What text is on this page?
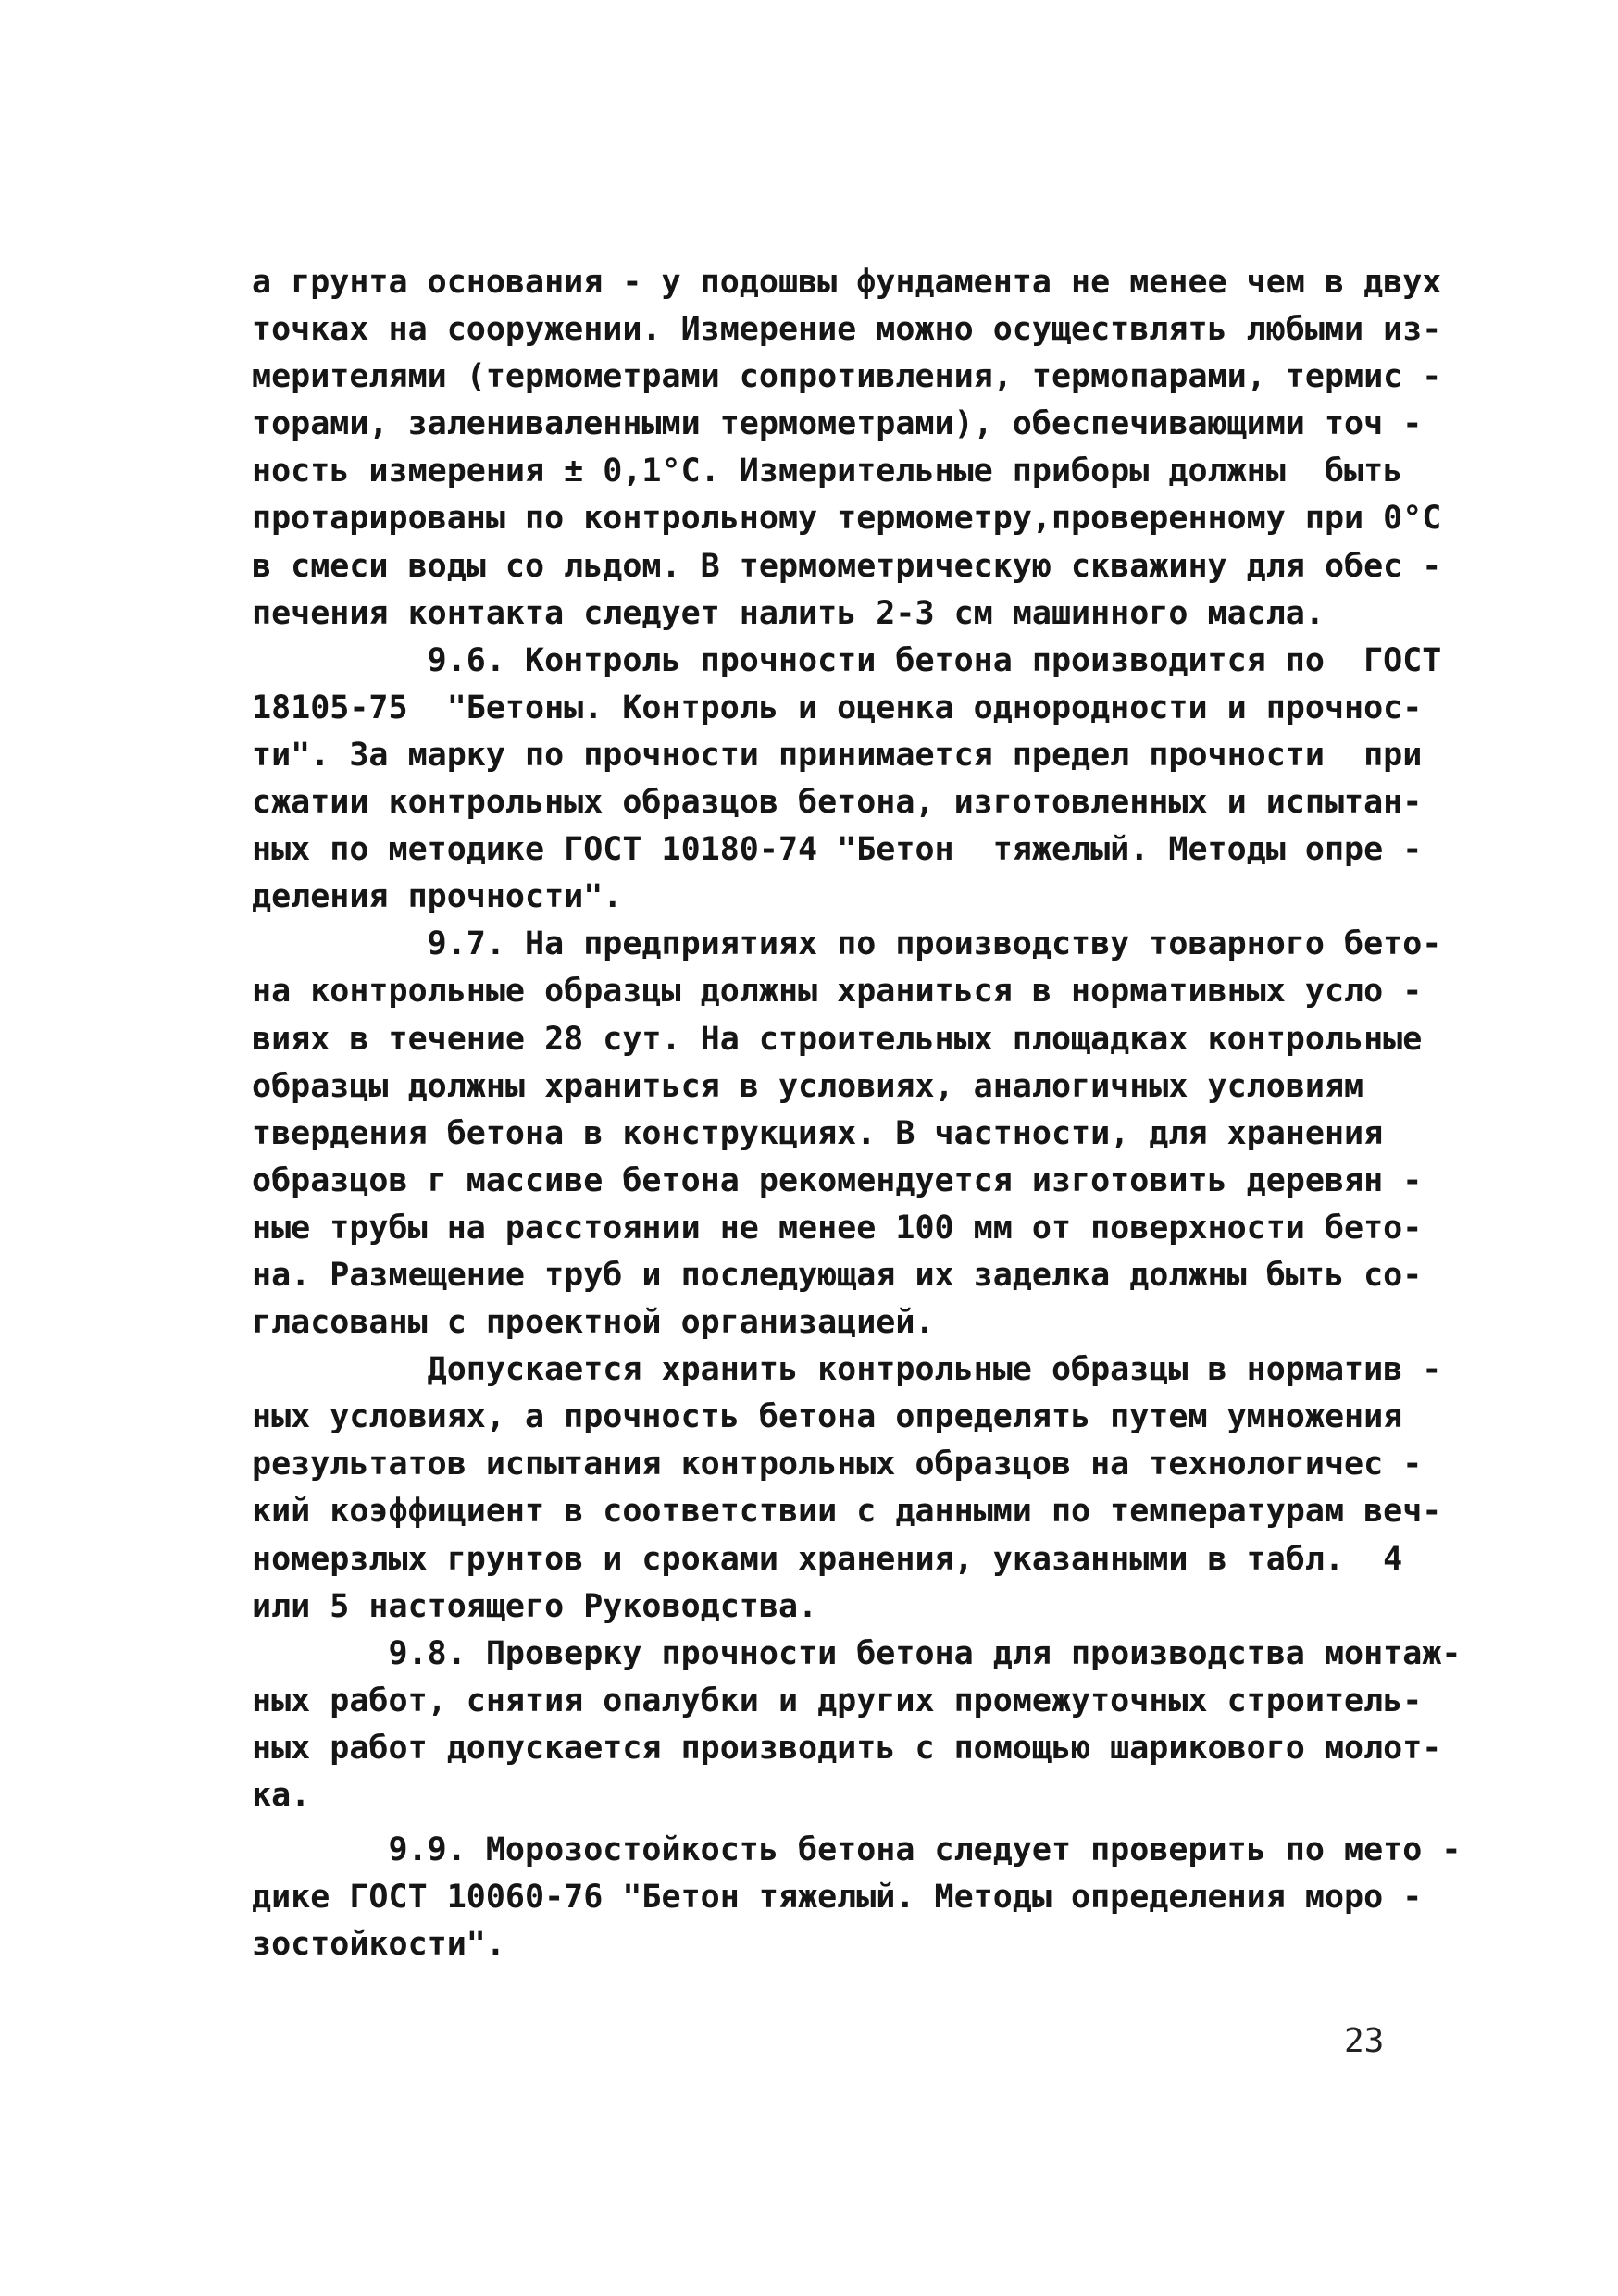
а грунта основания - у подошвы фундамента не менее чем в двух
точках на сооружении. Измерение можно осуществлять любыми из-
мерителями (термометрами сопротивления, термопарами, термис -
торами, залениваленными термометрами), обеспечивающими точ -
ность измерения ± 0,1°С. Измерительные приборы должны  быть
протарированы по контрольному термометру,проверенному при 0°С
в смеси воды со льдом. В термометрическую скважину для обес -
печения контакта следует налить 2-3 см машинного масла.
9.6. Контроль прочности бетона производится по  ГОСТ
18105-75  "Бетоны. Контроль и оценка однородности и прочнос-
ти". За марку по прочности принимается предел прочности  при
сжатии контрольных образцов бетона, изготовленных и испытан-
ных по методике ГОСТ 10180-74 "Бетон  тяжелый. Методы опре -
деления прочности".
9.7. На предприятиях по производству товарного бето-
на контрольные образцы должны храниться в нормативных усло -
виях в течение 28 сут. На строительных площадках контрольные
образцы должны храниться в условиях, аналогичных условиям
твердения бетона в конструкциях. В частности, для хранения
образцов г массиве бетона рекомендуется изготовить деревян -
ные трубы на расстоянии не менее 100 мм от поверхности бето-
на. Размещение труб и последующая их заделка должны быть со-
гласованы с проектной организацией.
Допускается хранить контрольные образцы в норматив -
ных условиях, а прочность бетона определять путем умножения
результатов испытания контрольных образцов на технологичес -
кий коэффициент в соответствии с данными по температурам веч-
номерзлых грунтов и сроками хранения, указанными в табл.  4
или 5 настоящего Руководства.
9.8. Проверку прочности бетона для производства монтаж-
ных работ, снятия опалубки и других промежуточных строитель-
ных работ допускается производить с помощью шарикового молот-
ка.
9.9. Морозостойкость бетона следует проверить по мето -
дике ГОСТ 10060-76 "Бетон тяжелый. Методы определения моро -
зостойкости".
23
